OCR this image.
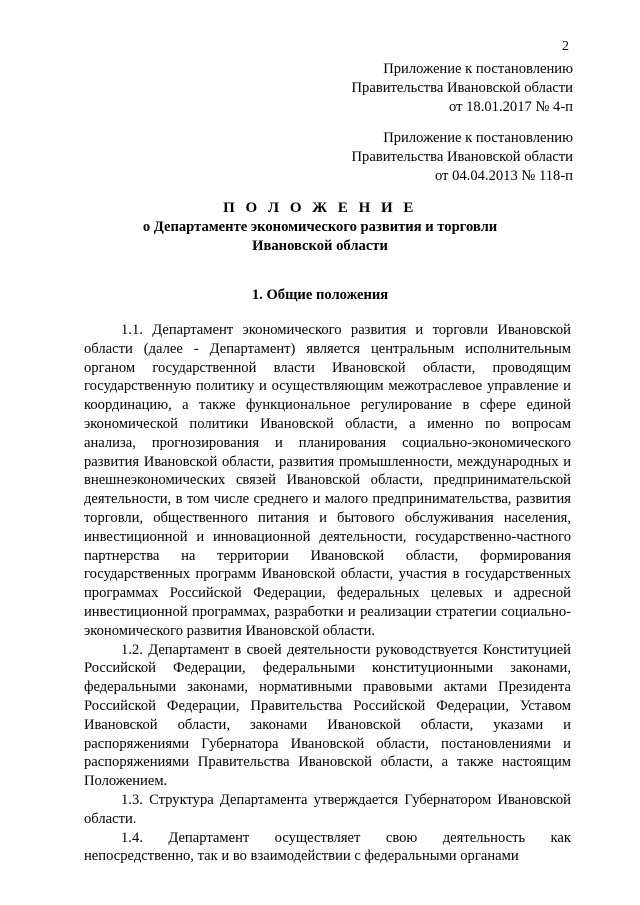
2
Приложение к постановлению
Правительства Ивановской области
от 18.01.2017 № 4-п
Приложение к постановлению
Правительства Ивановской области
от 04.04.2013 № 118-п
П О Л О Ж Е Н И Е
о Департаменте экономического развития и торговли
Ивановской области
1. Общие положения

1.1. Департамент экономического развития и торговли Ивановской области (далее - Департамент) является центральным исполнительным органом государственной власти Ивановской области, проводящим государственную политику и осуществляющим межотраслевое управление и координацию, а также функциональное регулирование в сфере единой экономической политики Ивановской области, а именно по вопросам анализа, прогнозирования и планирования социально-экономического развития Ивановской области, развития промышленности, международных и внешнеэкономических связей Ивановской области, предпринимательской деятельности, в том числе среднего и малого предпринимательства, развития торговли, общественного питания и бытового обслуживания населения, инвестиционной и инновационной деятельности, государственно-частного партнерства на территории Ивановской области, формирования государственных программ Ивановской области, участия в государственных программах Российской Федерации, федеральных целевых и адресной инвестиционной программах, разработки и реализации стратегии социально-экономического развития Ивановской области.

1.2. Департамент в своей деятельности руководствуется Конституцией Российской Федерации, федеральными конституционными законами, федеральными законами, нормативными правовыми актами Президента Российской Федерации, Правительства Российской Федерации, Уставом Ивановской области, законами Ивановской области, указами и распоряжениями Губернатора Ивановской области, постановлениями и распоряжениями Правительства Ивановской области, а также настоящим Положением.

1.3. Структура Департамента утверждается Губернатором Ивановской области.

1.4. Департамент осуществляет свою деятельность как непосредственно, так и во взаимодействии с федеральными органами
